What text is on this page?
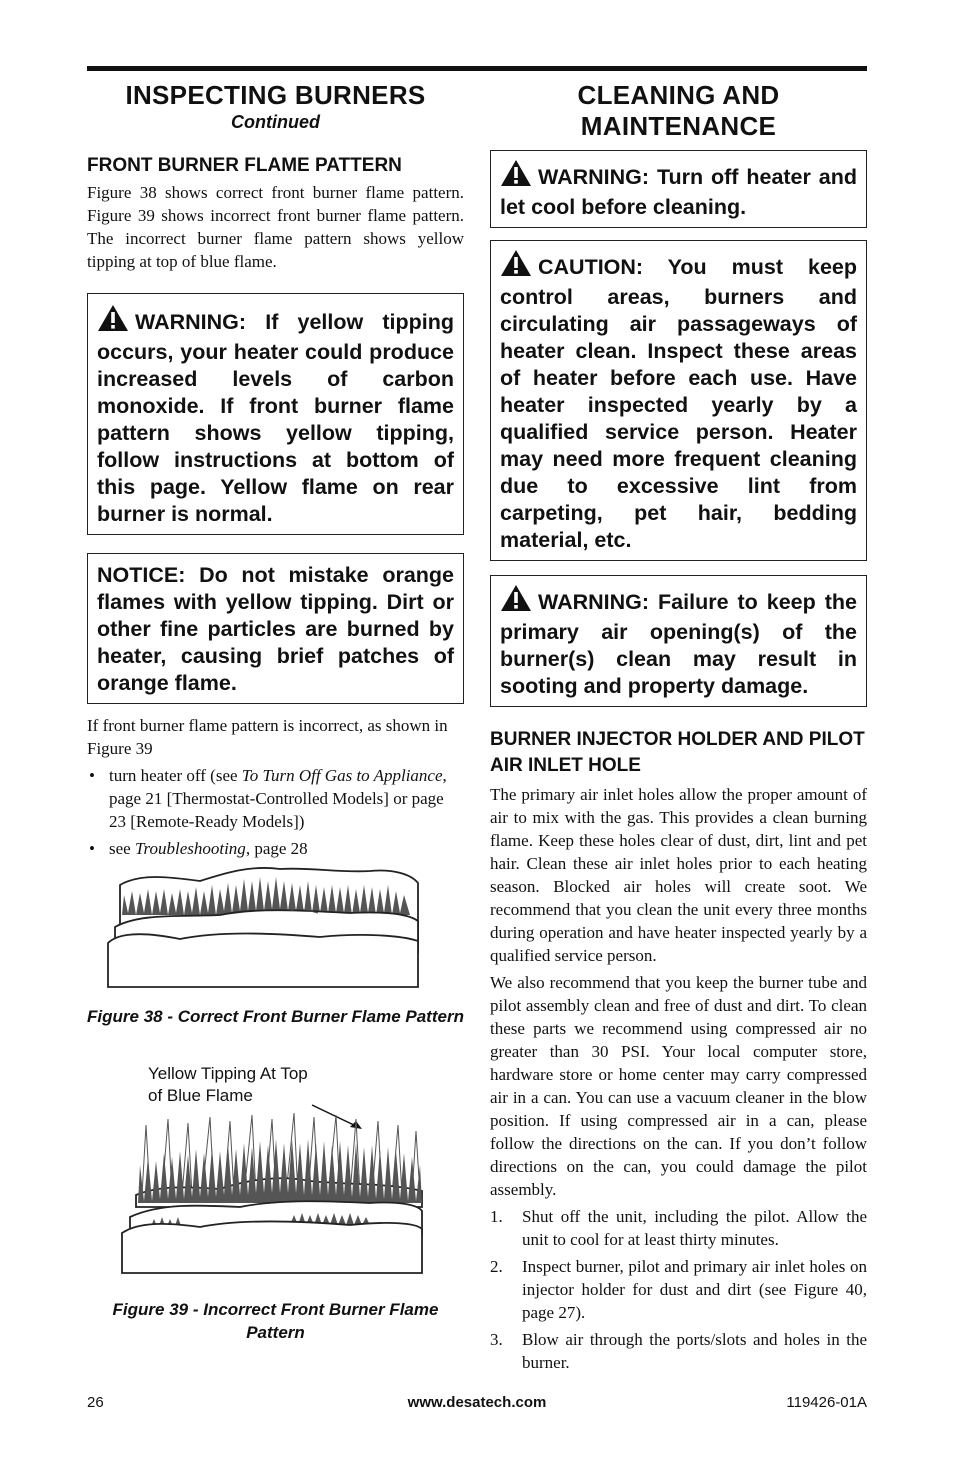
INSPECTING BURNERS

Continued

FRONT BURNER FLAME PATTERN

Figure 38 shows correct front burner flame pattern. Figure 39 shows incorrect front burner flame pattern. The incorrect burner flame pattern shows yellow tipping at top of blue flame.

WARNING: If yellow tipping occurs, your heater could produce increased levels of carbon monoxide. If front burner flame pattern shows yellow tipping, follow instructions at bottom of this page. Yellow flame on rear burner is normal.
NOTICE: Do not mistake orange flames with yellow tipping. Dirt or other fine particles are burned by heater, causing brief patches of orange flame.

If front burner flame pattern is incorrect, as shown in Figure 39

• turn heater off (see To Turn Off Gas to Appliance, page 21 [Thermostat-Controlled Models] or page 23 [Remote-Ready Models])
• see Troubleshooting, page 28

Figure 38 - Correct Front Burner Flame Pattern

Yellow Tipping At Top of Blue Flame

Figure 39 - Incorrect Front Burner Flame Pattern

CLEANING AND MAINTENANCE
WARNING: Turn off heater and let cool before cleaning.
CAUTION: You must keep control areas, burners and circulating air passageways of heater clean. Inspect these areas of heater before each use. Have heater inspected yearly by a qualified service person. Heater may need more frequent cleaning due to excessive lint from carpeting, pet hair, bedding material, etc.
WARNING: Failure to keep the primary air opening(s) of the burner(s) clean may result in sooting and property damage.
BURNER INJECTOR HOLDER AND PILOT AIR INLET HOLE

The primary air inlet holes allow the proper amount of air to mix with the gas. This provides a clean burning flame. Keep these holes clear of dust, dirt, lint and pet hair. Clean these air inlet holes prior to each heating season. Blocked air holes will create soot. We recommend that you clean the unit every three months during operation and have heater inspected yearly by a qualified service person.

We also recommend that you keep the burner tube and pilot assembly clean and free of dust and dirt. To clean these parts we recommend using compressed air no greater than 30 PSI. Your local computer store, hardware store or home center may carry compressed air in a can. You can use a vacuum cleaner in the blow position. If using compressed air in a can, please follow the directions on the can. If you don’t follow directions on the can, you could damage the pilot assembly.

1. Shut off the unit, including the pilot. Allow the unit to cool for at least thirty minutes.
2. Inspect burner, pilot and primary air inlet holes on injector holder for dust and dirt (see Figure 40, page 27).
3. Blow air through the ports/slots and holes in the burner.
26	www.desatech.com	119426-01A
